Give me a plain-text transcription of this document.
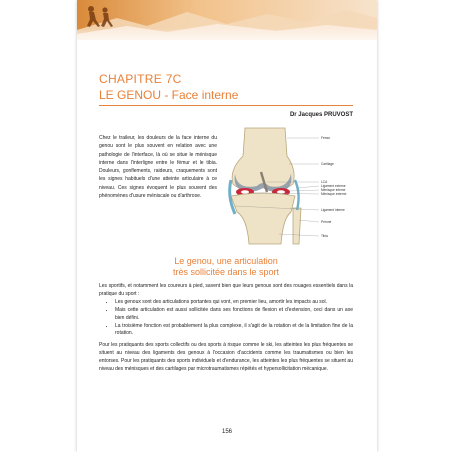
CHAPITRE 7C
LE GENOU - Face interne
Dr Jacques PRUVOST

Chez le traileur, les douleurs de la face interne du genou sont le plus souvent en relation avec une pathologie de l'interface, là où se situe le ménisque interne dans l'interligne entre le fémur et le tibia. Douleurs, gonflements, raideurs, craquements sont les signes habituels d'une atteinte articulaire à ce niveau. Ces signes évoquent le plus souvent des phénomènes d'usure méniscale ou d'arthrose.

Fémur
Cartilage
LCA
Ligament externe
Ménisque interne
Ménisque externe
Ligament interne
Péroné
Tibia
Le genou, une articulation
très sollicitée dans le sport

Les sportifs, et notamment les coureurs à pied, savent bien que leurs genoux sont des rouages essentiels dans la pratique du sport :

• Les genoux sont des articulations portantes qui vont, en premier lieu, amortir les impacts au sol.
• Mais cette articulation est aussi sollicitée dans ses fonctions de flexion et d'extension, ceci dans un axe bien défini.
• La troisième fonction est probablement la plus complexe, il s'agit de la rotation et de la limitation fine de la rotation.

Pour les pratiquants des sports collectifs ou des sports à risque comme le ski, les atteintes les plus fréquentes se situent au niveau des ligaments des genoux à l'occasion d'accidents comme les traumatismes ou bien les entorses. Pour les pratiquants des sports individuels et d'endurance, les atteintes les plus fréquentes se situent au niveau des ménisques et des cartilages par microtraumatismes répétés et hypersollicitation mécanique.

156
